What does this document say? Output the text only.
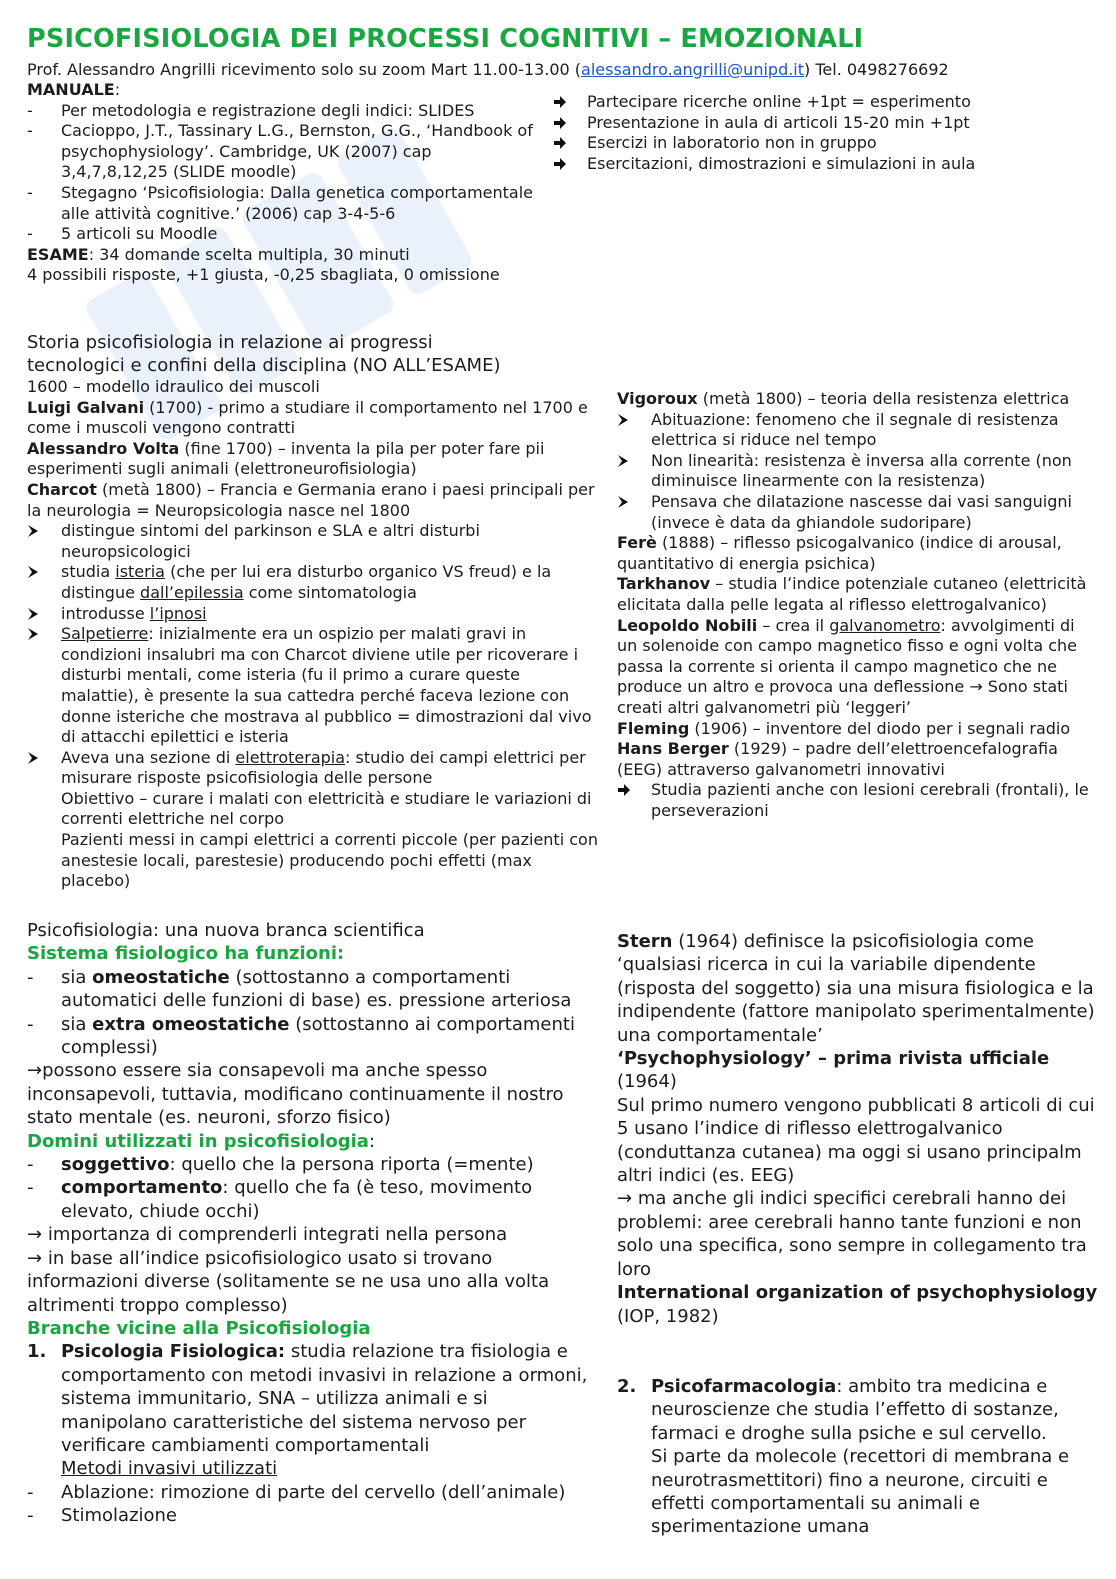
PSICOFISIOLOGIA DEI PROCESSI COGNITIVI – EMOZIONALI
Prof. Alessandro Angrilli ricevimento solo su zoom Mart 11.00-13.00 (alessandro.angrilli@unipd.it) Tel. 0498276692

MANUALE:

-	Per metodologia e registrazione degli indici: SLIDES
-	Cacioppo, J.T., Tassinary L.G., Bernston, G.G., ‘Handbook of psychophysiology’. Cambridge, UK (2007) cap 3,4,7,8,12,25 (SLIDE moodle)
-	Stegagno ‘Psicofisiologia: Dalla genetica comportamentale alle attività cognitive.’ (2006) cap 3-4-5-6
-	5 articoli su Moodle

ESAME: 34 domande scelta multipla, 30 minuti

4 possibili risposte, +1 giusta, -0,25 sbagliata, 0 omissione

Partecipare ricerche online +1pt = esperimento
Presentazione in aula di articoli 15-20 min +1pt
Esercizi in laboratorio non in gruppo
Esercitazioni, dimostrazioni e simulazioni in aula

Storia psicofisiologia in relazione ai progressi tecnologici e confini della disciplina (NO ALL’ESAME)

1600 – modello idraulico dei muscoli

Luigi Galvani (1700) - primo a studiare il comportamento nel 1700 e come i muscoli vengono contratti

Alessandro Volta (fine 1700) – inventa la pila per poter fare pii esperimenti sugli animali (elettroneurofisiologia)

Charcot (metà 1800) – Francia e Germania erano i paesi principali per la neurologia = Neuropsicologia nasce nel 1800

distingue sintomi del parkinson e SLA e altri disturbi neuropsicologici
studia isteria (che per lui era disturbo organico VS freud) e la distingue dall’epilessia come sintomatologia
introdusse l’ipnosi
Salpetierre: inizialmente era un ospizio per malati gravi in condizioni insalubri ma con Charcot diviene utile per ricoverare i disturbi mentali, come isteria (fu il primo a curare queste malattie), è presente la sua cattedra perché faceva lezione con donne isteriche che mostrava al pubblico = dimostrazioni dal vivo di attacchi epilettici e isteria
Aveva una sezione di elettroterapia: studio dei campi elettrici per misurare risposte psicofisiologia delle persone

Obiettivo – curare i malati con elettricità e studiare le variazioni di correnti elettriche nel corpo

Pazienti messi in campi elettrici a correnti piccole (per pazienti con anestesie locali, parestesie) producendo pochi effetti (max placebo)

Vigoroux (metà 1800) – teoria della resistenza elettrica

Abituazione: fenomeno che il segnale di resistenza elettrica si riduce nel tempo
Non linearità: resistenza è inversa alla corrente (non diminuisce linearmente con la resistenza)
Pensava che dilatazione nascesse dai vasi sanguigni (invece è data da ghiandole sudoripare)

Ferè (1888) – riflesso psicogalvanico (indice di arousal, quantitativo di energia psichica)

Tarkhanov – studia l’indice potenziale cutaneo (elettricità elicitata dalla pelle legata al riflesso elettrogalvanico)

Leopoldo Nobili – crea il galvanometro: avvolgimenti di un solenoide con campo magnetico fisso e ogni volta che passa la corrente si orienta il campo magnetico che ne produce un altro e provoca una deflessione → Sono stati creati altri galvanometri più ‘leggeri’

Fleming (1906) – inventore del diodo per i segnali radio

Hans Berger (1929) – padre dell’elettroencefalografia (EEG) attraverso galvanometri innovativi

Studia pazienti anche con lesioni cerebrali (frontali), le perseverazioni

Psicofisiologia: una nuova branca scientifica

Sistema fisiologico ha funzioni:

-	sia omeostatiche (sottostanno a comportamenti automatici delle funzioni di base) es. pressione arteriosa
-	sia extra omeostatiche (sottostanno ai comportamenti complessi)

→possono essere sia consapevoli ma anche spesso inconsapevoli, tuttavia, modificano continuamente il nostro stato mentale (es. neuroni, sforzo fisico)

Domini utilizzati in psicofisiologia:

-	soggettivo: quello che la persona riporta (=mente)
-	comportamento: quello che fa (è teso, movimento elevato, chiude occhi)

→ importanza di comprenderli integrati nella persona

→ in base all’indice psicofisiologico usato si trovano informazioni diverse (solitamente se ne usa uno alla volta altrimenti troppo complesso)

Branche vicine alla Psicofisiologia

1. Psicologia Fisiologica: studia relazione tra fisiologia e comportamento con metodi invasivi in relazione a ormoni, sistema immunitario, SNA – utilizza animali e si manipolano caratteristiche del sistema nervoso per verificare cambiamenti comportamentali

Metodi invasivi utilizzati

-	Ablazione: rimozione di parte del cervello (dell’animale)
-	Stimolazione

Stern (1964) definisce la psicofisiologia come ‘qualsiasi ricerca in cui la variabile dipendente (risposta del soggetto) sia una misura fisiologica e la indipendente (fattore manipolato sperimentalmente) una comportamentale’

‘Psychophysiology’ – prima rivista ufficiale

(1964)

Sul primo numero vengono pubblicati 8 articoli di cui 5 usano l’indice di riflesso elettrogalvanico (conduttanza cutanea) ma oggi si usano principalm altri indici (es. EEG)

→ ma anche gli indici specifici cerebrali hanno dei problemi: aree cerebrali hanno tante funzioni e non solo una specifica, sono sempre in collegamento tra loro

International organization of psychophysiology (IOP, 1982)

2. Psicofarmacologia: ambito tra medicina e neuroscienze che studia l’effetto di sostanze, farmaci e droghe sulla psiche e sul cervello.

Si parte da molecole (recettori di membrana e neurotrasmettitori) fino a neurone, circuiti e effetti comportamentali su animali e sperimentazione umana
